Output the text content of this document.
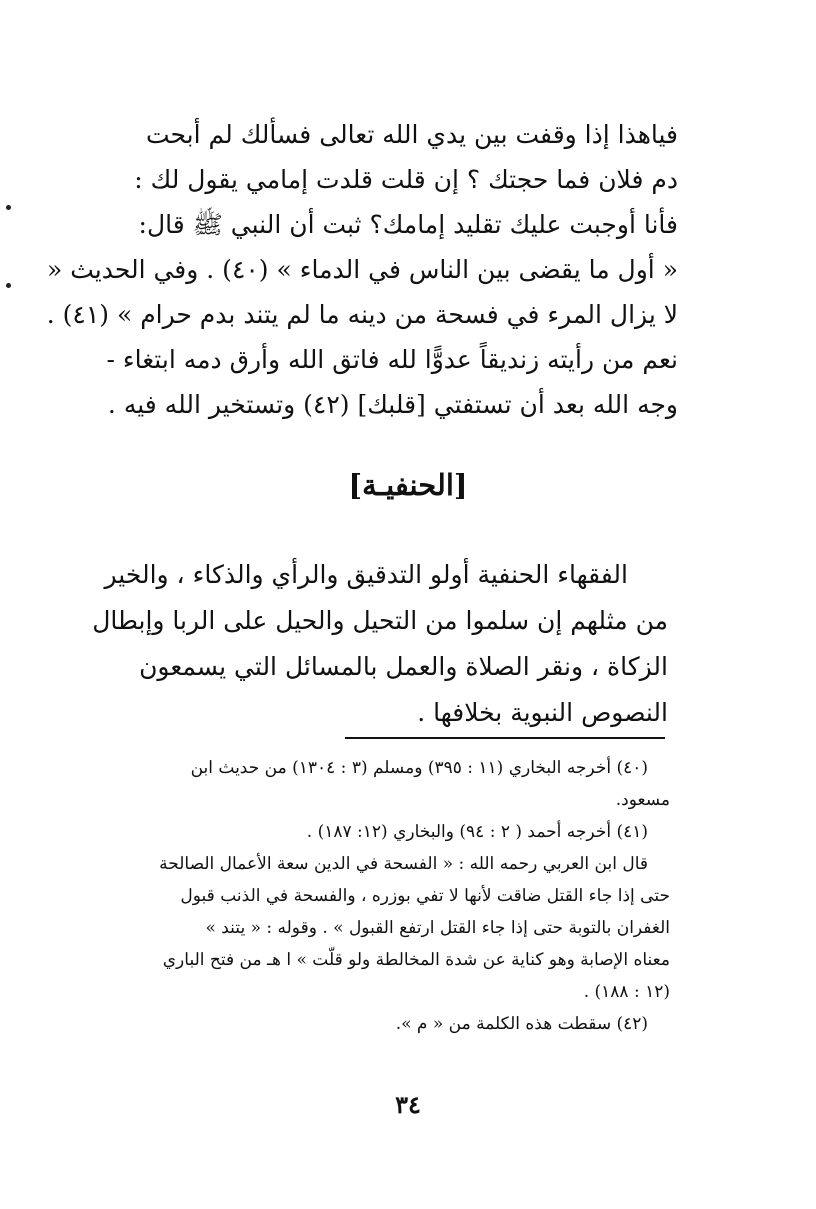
فياهذا إذا وقفت بين يدي الله تعالى فسألك لم أبحت
دم فلان فما حجتك ؟ إن قلت قلدت إمامي يقول لك :
فأنا أوجبت عليك تقليد إمامك؟ ثبت أن النبي ﷺ قال:
« أول ما يقضى بين الناس في الدماء » (٤٠) . وفي الحديث «
لا يزال المرء في فسحة من دينه ما لم يتند بدم حرام » (٤١) .
نعم من رأيته زنديقاً عدوًّا لله فاتق الله وأرق دمه ابتغاء -
وجه الله بعد أن تستفتي [قلبك] (٤٢) وتستخير الله فيه .
[الحنفيـة]
الفقهاء الحنفية أولو التدقيق والرأي والذكاء ، والخير
من مثلهم إن سلموا من التحيل والحيل على الربا وإبطال
الزكاة ، ونقر الصلاة والعمل بالمسائل التي يسمعون
النصوص النبوية بخلافها .
(٤٠) أخرجه البخاري (١١ : ٣٩٥) ومسلم (٣ : ١٣٠٤) من حديث ابن
مسعود.
(٤١) أخرجه أحمد ( ٢ : ٩٤) والبخاري (١٢: ١٨٧) .
قال ابن العربي رحمه الله : « الفسحة في الدين سعة الأعمال الصالحة
حتى إذا جاء القتل ضاقت لأنها لا تفي بوزره ، والفسحة في الذنب قبول
الغفران بالتوبة حتى إذا جاء القتل ارتفع القبول » . وقوله : « يتند »
معناه الإصابة وهو كناية عن شدة المخالطة ولو قلّت » ا هـ من فتح الباري
(١٢ : ١٨٨) .
(٤٢) سقطت هذه الكلمة من « م ».
٣٤
